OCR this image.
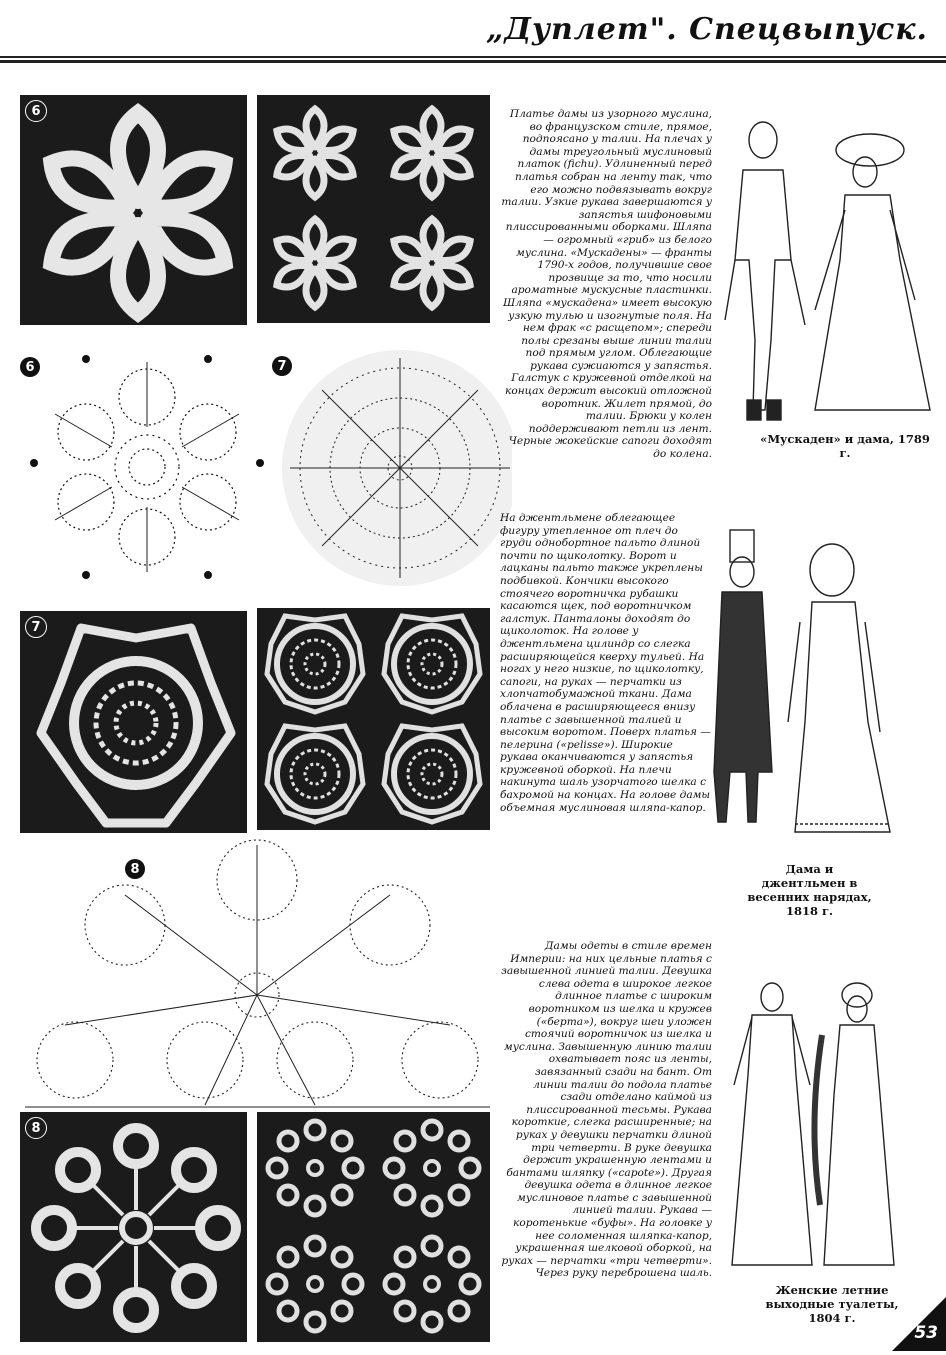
„Дуплет". Спецвыпуск.
6
6	7
7
8
8
Платье дамы из узорного муслина, во французском стиле, прямое, подпоясано у талии. На плечах у дамы треугольный муслиновый платок (fichu). Удлиненный перед платья собран на ленту так, что его можно подвязывать вокруг талии. Узкие рукава завершаются у запястья шифоновыми плиссированными оборками. Шляпа — огромный «гриб» из белого муслина. «Мускадены» — франты 1790-х годов, получившие свое прозвище за то, что носили ароматные мускусные пластинки. Шляпа «мускадена» имеет высокую узкую тулью и изогнутые поля. На нем фрак «с расщепом»; спереди полы срезаны выше линии талии под прямым углом. Облегающие рукава сужиаются у запястья. Галстук с кружевной отделкой на концах держит высокий отложной воротник. Жилет прямой, до талии. Брюки у колен поддерживают петли из лент. Черные жокейские сапоги доходят до колена.
«Мускаден» и дама, 1789 г.
На джентльмене облегающее фигуру утепленное от плеч до груди однобортное пальто длиной почти по щиколотку. Ворот и лацканы пальто также укреплены подбивкой. Кончики высокого стоячего воротничка рубашки касаются щек, под воротничком галстук. Панталоны доходят до щиколоток. На голове у джентльмена цилиндр со слегка расширяющейся кверху тульей. На ногах у него низкие, по щиколотку, сапоги, на руках — перчатки из хлопчатобумажной ткани. Дама облачена в расширяющееся внизу платье с завышенной талией и высоким воротом. Поверх платья — пелерина («pelisse»). Широкие рукава оканчиваются у запястья кружевной оборкой. На плечи накинута шаль узорчатого шелка с бахромой на концах. На голове дамы объемная муслиновая шляпа-капор.
Дама и джентльмен в весенних нарядах, 1818 г.
Дамы одеты в стиле времен Империи: на них цельные платья с завышенной линией талии. Девушка слева одета в широкое легкое длинное платье с широким воротником из шелка и кружев («берта»), вокруг шеи уложен стоячий воротничок из шелка и муслина. Завышенную линию талии охватывает пояс из ленты, завязанный сзади на бант. От линии талии до подола платье сзади отделано каймой из плиссированной тесьмы. Рукава короткие, слегка расширенные; на руках у девушки перчатки длиной три четверти. В руке девушка держит украшенную лентами и бантами шляпку («capote»). Другая девушка одета в длинное легкое муслиновое платье с завышенной линией талии. Рукава — коротенькие «буфы». На головке у нее соломенная шляпка-капор, украшенная шелковой оборкой, на руках — перчатки «три четверти». Через руку переброшена шаль.
Женские летние выходные туалеты, 1804 г.
53
